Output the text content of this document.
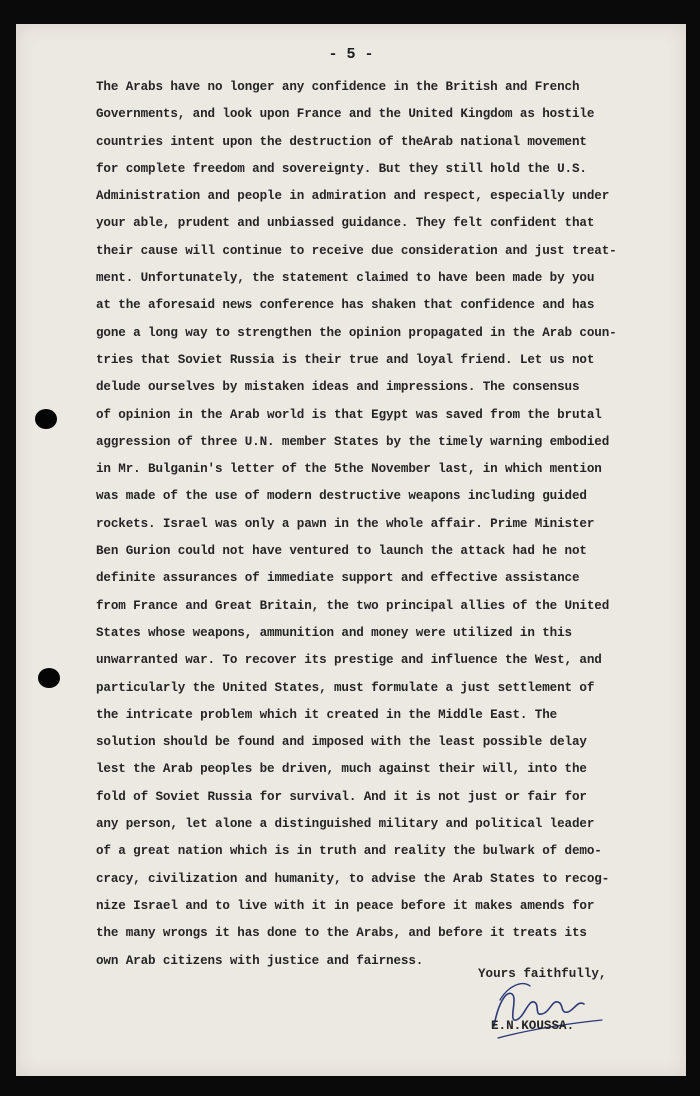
- 5 -
The Arabs have no longer any confidence in the British and French
Governments, and look upon France and the United Kingdom as hostile
countries intent upon the destruction of theArab national movement
for complete freedom and sovereignty. But they still hold the U.S.
Administration and people in admiration and respect, especially under
your able, prudent and unbiassed guidance. They felt confident that
their cause will continue to receive due consideration and just treat-
ment. Unfortunately, the statement claimed to have been made by you
at the aforesaid news conference has shaken that confidence and has
gone a long way to strengthen the opinion propagated in the Arab coun-
tries that Soviet Russia is their true and loyal friend. Let us not
delude ourselves by mistaken ideas and impressions. The consensus
of opinion in the Arab world is that Egypt was saved from the brutal
aggression of three U.N. member States by the timely warning embodied
in Mr. Bulganin's letter of the 5the November last, in which mention
was made of the use of modern destructive weapons including guided
rockets. Israel was only a pawn in the whole affair. Prime Minister
Ben Gurion could not have ventured to launch the attack had he not
definite assurances of immediate support and effective assistance
from France and Great Britain, the two principal allies of the United
States whose weapons, ammunition and money were utilized in this
unwarranted war. To recover its prestige and influence the West, and
particularly the United States, must formulate a just settlement of
the intricate problem which it created in the Middle East. The
solution should be found and imposed with the least possible delay
lest the Arab peoples be driven, much against their will, into the
fold of Soviet Russia for survival. And it is not just or fair for
any person, let alone a distinguished military and political leader
of a great nation which is in truth and reality the bulwark of demo-
cracy, civilization and humanity, to advise the Arab States to recog-
nize Israel and to live with it in peace before it makes amends for
the many wrongs it has done to the Arabs, and before it treats its
own Arab citizens with justice and fairness.
Yours faithfully,
E.N.KOUSSA.
